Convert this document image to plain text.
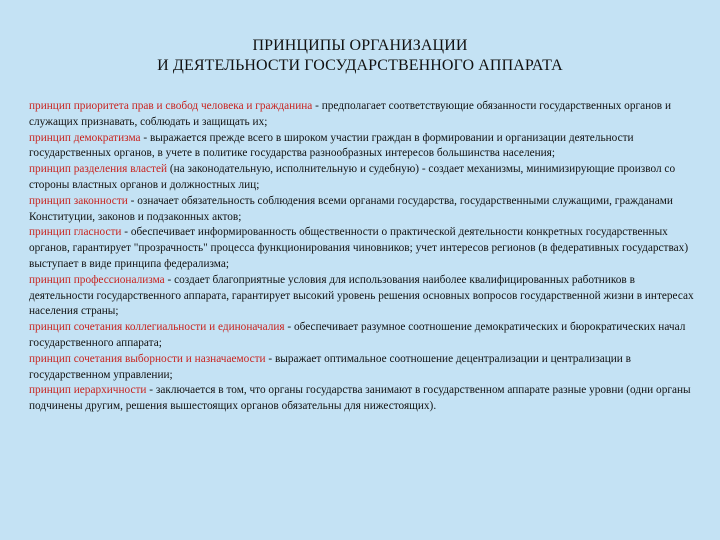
ПРИНЦИПЫ ОРГАНИЗАЦИИ
И ДЕЯТЕЛЬНОСТИ ГОСУДАРСТВЕННОГО АППАРАТА

принцип приоритета прав и свобод человека и гражданина - предполагает соответствующие обязанности государственных органов и служащих признавать, соблюдать и защищать их;

принцип демократизма - выражается прежде всего в широком участии граждан в формировании и организации деятельности государственных органов, в учете в политике государства разнообразных интересов большинства населения;

принцип разделения властей (на законодательную, исполнительную и судебную) - создает механизмы, минимизирующие произвол со стороны властных органов и должностных лиц;

принцип законности - означает обязательность соблюдения всеми органами государства, государственными служащими, гражданами Конституции, законов и подзаконных актов;

принцип гласности - обеспечивает информированность общественности о практической деятельности конкретных государственных органов, гарантирует "прозрачность" процесса функционирования чиновников; учет интересов регионов (в федеративных государствах) выступает в виде принципа федерализма;

принцип профессионализма - создает благоприятные условия для использования наиболее квалифицированных работников в деятельности государственного аппарата, гарантирует высокий уровень решения основных вопросов государственной жизни в интересах населения страны;

принцип сочетания коллегиальности и единоначалия - обеспечивает разумное соотношение демократических и бюрократических начал государственного аппарата;

принцип сочетания выборности и назначаемости - выражает оптимальное соотношение децентрализации и централизации в государственном управлении;

принцип иерархичности - заключается в том, что органы государства занимают в государственном аппарате разные уровни (одни органы подчинены другим, решения вышестоящих органов обязательны для нижестоящих).
